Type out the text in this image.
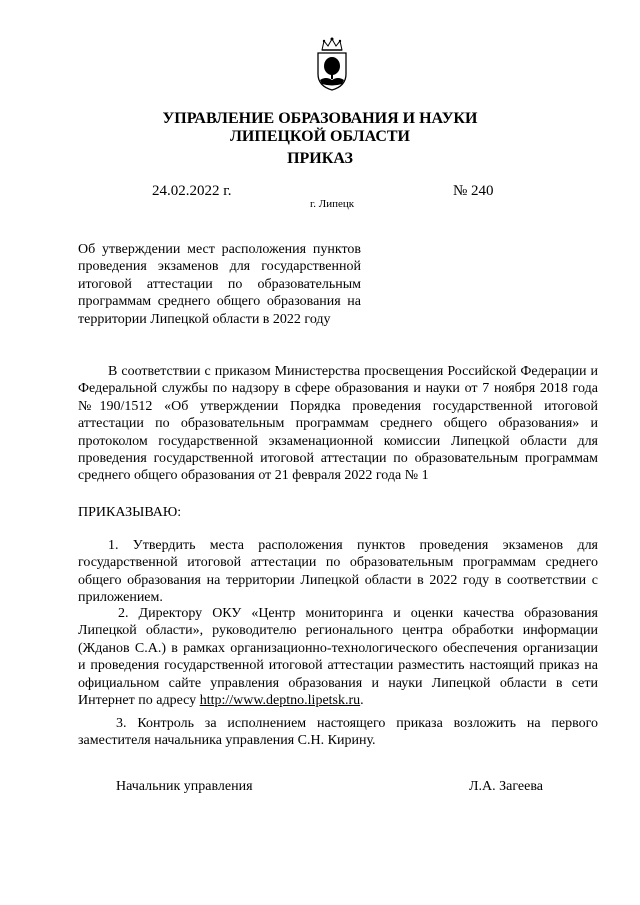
УПРАВЛЕНИЕ ОБРАЗОВАНИЯ И НАУКИ
ЛИПЕЦКОЙ ОБЛАСТИ
ПРИКАЗ
24.02.2022 г.	№ 240
г. Липецк
Об утверждении мест расположения пунктов проведения экзаменов для государственной итоговой аттестации по образовательным программам среднего общего образования на территории Липецкой области в 2022 году
В соответствии с приказом Министерства просвещения Российской Федерации и Федеральной службы по надзору в сфере образования и науки от 7 ноября 2018 года №190/1512 «Об утверждении Порядка проведения государственной итоговой аттестации по образовательным программам среднего общего образования» и протоколом государственной экзаменационной комиссии Липецкой области для проведения государственной итоговой аттестации по образовательным программам среднего общего образования от 21 февраля 2022 года № 1
ПРИКАЗЫВАЮ:
1. Утвердить места расположения пунктов проведения экзаменов для государственной итоговой аттестации по образовательным программам среднего общего образования на территории Липецкой области в 2022 году в соответствии с приложением.
2. Директору ОКУ «Центр мониторинга и оценки качества образования Липецкой области», руководителю регионального центра обработки информации (Жданов С.А.) в рамках организационно-технологического обеспечения организации и проведения государственной итоговой аттестации разместить настоящий приказ на официальном сайте управления образования и науки Липецкой области в сети Интернет по адресу http://www.deptno.lipetsk.ru.
3. Контроль за исполнением настоящего приказа возложить на первого заместителя начальника управления С.Н. Кирину.
Начальник управления	Л.А. Загеева
